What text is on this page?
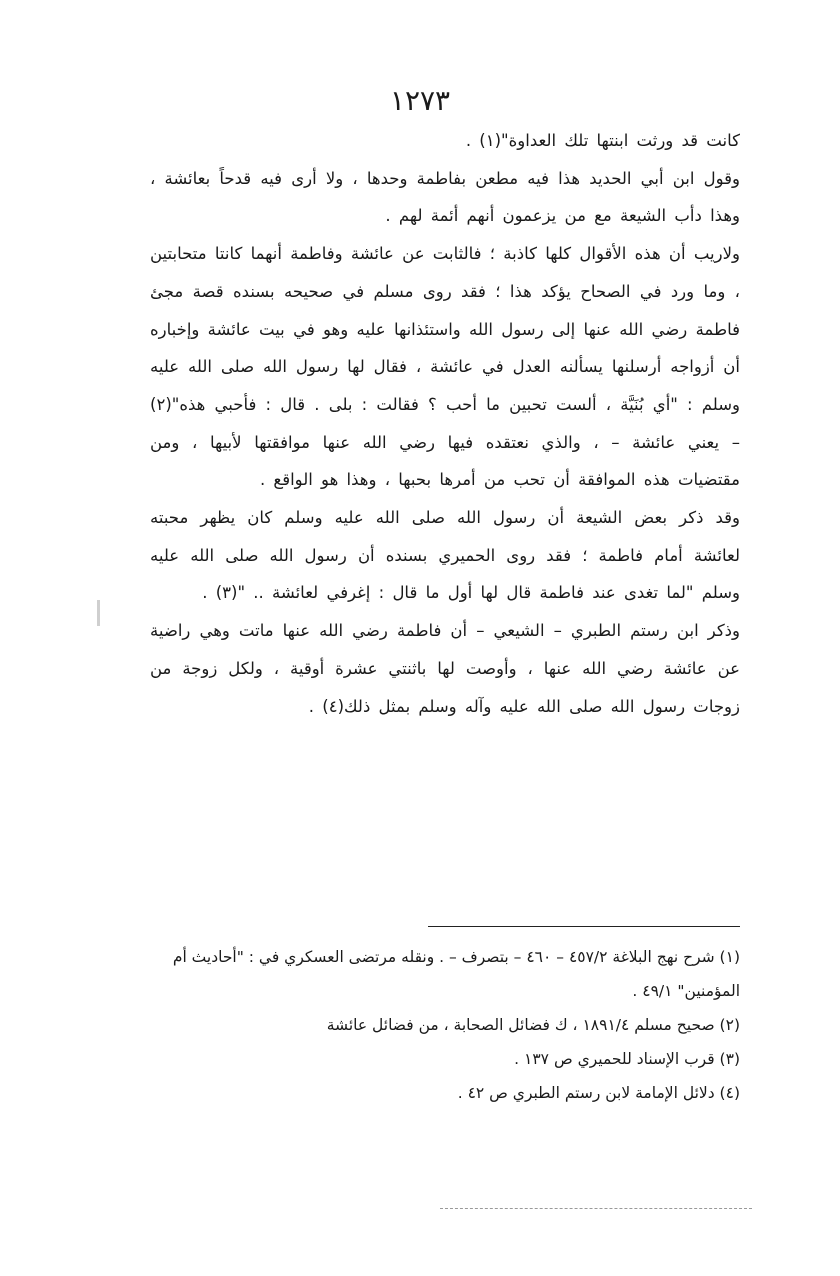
١٢٧٣

كانت قد ورثت ابنتها تلك العداوة"(١) .

وقول ابن أبي الحديد هذا فيه مطعن بفاطمة وحدها ، ولا أرى فيه قدحاً بعائشة ، وهذا دأب الشيعة مع من يزعمون أنهم أئمة لهم .

ولاريب أن هذه الأقوال كلها كاذبة ؛ فالثابت عن عائشة وفاطمة أنهما كانتا متحابتين ، وما ورد في الصحاح يؤكد هذا ؛ فقد روى مسلم في صحيحه بسنده قصة مجئ فاطمة رضي الله عنها إلى رسول الله واستئذانها عليه وهو في بيت عائشة وإخباره أن أزواجه أرسلنها يسألنه العدل في عائشة ، فقال لها رسول الله صلى الله عليه وسلم : "أي بُنَيَّة ، ألست تحبين ما أحب ؟ فقالت : بلى . قال : فأحبي هذه"(٢) – يعني عائشة – ، والذي نعتقده فيها رضي الله عنها موافقتها لأبيها ، ومن مقتضيات هذه الموافقة أن تحب من أمرها بحبها ، وهذا هو الواقع .

وقد ذكر بعض الشيعة أن رسول الله صلى الله عليه وسلم كان يظهر محبته لعائشة أمام فاطمة ؛ فقد روى الحميري بسنده أن رسول الله صلى الله عليه وسلم "لما تغدى عند فاطمة قال لها أول ما قال : إغرفي لعائشة .. "(٣) .

وذكر ابن رستم الطبري – الشيعي – أن فاطمة رضي الله عنها ماتت وهي راضية عن عائشة رضي الله عنها ، وأوصت لها باثنتي عشرة أوقية ، ولكل زوجة من زوجات رسول الله صلى الله عليه وآله وسلم بمثل ذلك(٤) .

(١) شرح نهج البلاغة ٤٥٧/٢ – ٤٦٠ – بتصرف – . ونقله مرتضى العسكري في : "أحاديث أم المؤمنين" ٤٩/١ .

(٢) صحيح مسلم ١٨٩١/٤ ، ك فضائل الصحابة ، من فضائل عائشة

(٣) قرب الإسناد للحميري ص ١٣٧ .

(٤) دلائل الإمامة لابن رستم الطبري ص ٤٢ .
